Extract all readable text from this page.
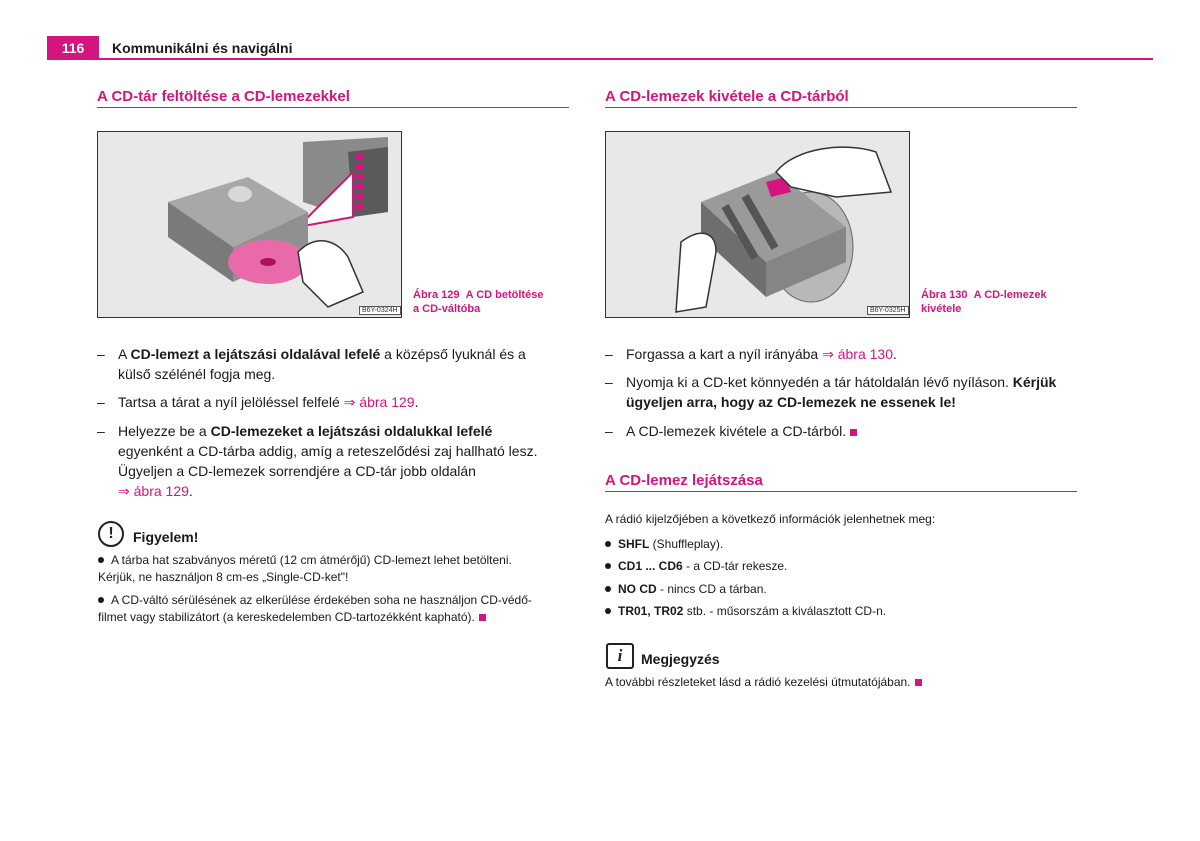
116	Kommunikálni és navigálni
A CD-tár feltöltése a CD-lemezekkel
B6Y-0324H
Ábra 129 A CD betöltése
a CD-váltóba
– A CD-lemezt a lejátszási oldalával lefelé a középső lyuknál és a
külső szélénél fogja meg.
– Tartsa a tárat a nyíl jelöléssel felfelé ⇒ ábra 129.
– Helyezze be a CD-lemezeket a lejátszási oldalukkal lefelé
egyenként a CD-tárba addig, amíg a reteszelődési zaj hallható lesz.
Ügyeljen a CD-lemezek sorrendjére a CD-tár jobb oldalán
⇒ ábra 129.
!	Figyelem!
A tárba hat szabványos méretű (12 cm átmérőjű) CD-lemezt lehet betölteni.
Kérjük, ne használjon 8 cm-es „Single-CD-ket"!
A CD-váltó sérülésének az elkerülése érdekében soha ne használjon CD-védő-
filmet vagy stabilizátort (a kereskedelemben CD-tartozékként kapható).
A CD-lemezek kivétele a CD-tárból
B6Y-0325H
Ábra 130 A CD-lemezek
kivétele
– Forgassa a kart a nyíl irányába ⇒ ábra 130.
– Nyomja ki a CD-ket könnyedén a tár hátoldalán lévő nyíláson. Kérjük
ügyeljen arra, hogy az CD-lemezek ne essenek le!
– A CD-lemezek kivétele a CD-tárból.
A CD-lemez lejátszása
A rádió kijelzőjében a következő információk jelenhetnek meg:
SHFL (Shuffleplay).
CD1 ... CD6 - a CD-tár rekesze.
NO CD - nincs CD a tárban.
TR01, TR02 stb. - műsorszám a kiválasztott CD-n.
i	Megjegyzés
A további részleteket lásd a rádió kezelési útmutatójában.
